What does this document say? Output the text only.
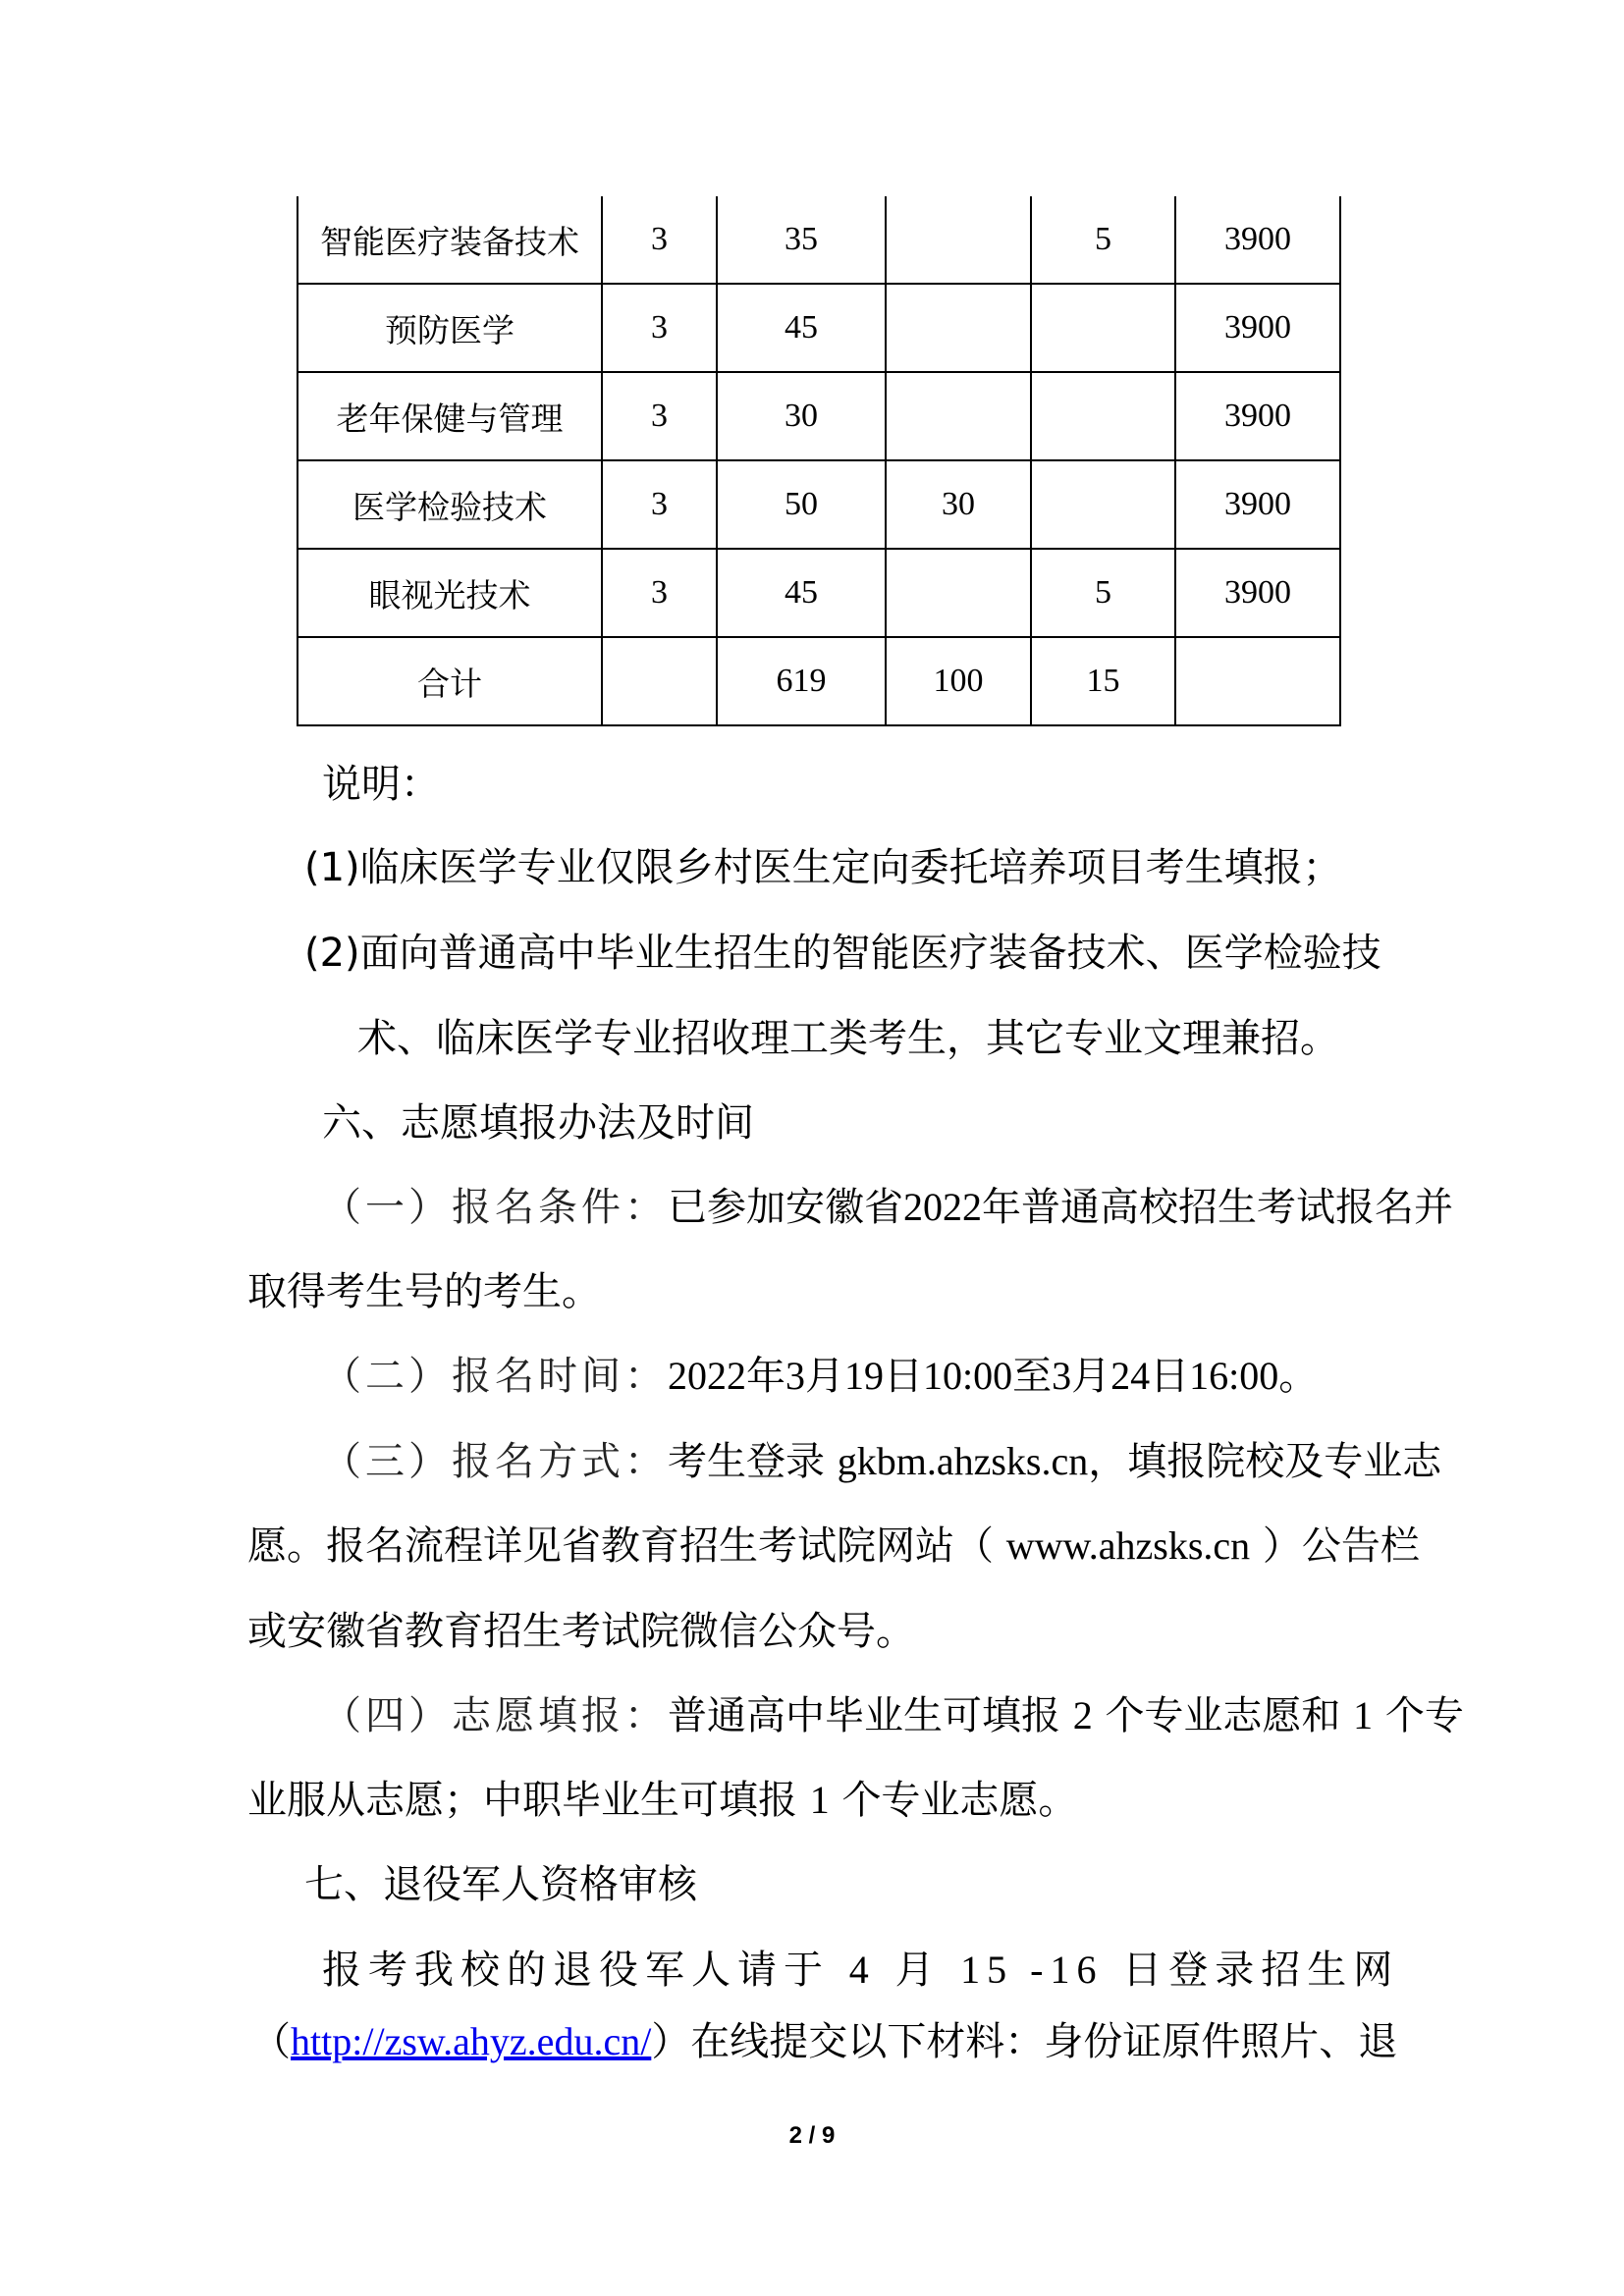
智能医疗装备技术	3	35		5	3900
预防医学	3	45			3900
老年保健与管理	3	30			3900
医学检验技术	3	50	30		3900
眼视光技术	3	45		5	3900
合计		619	100	15	
说明：
(1)临床医学专业仅限乡村医生定向委托培养项目考生填报；
(2)面向普通高中毕业生招生的智能医疗装备技术、医学检验技
术、临床医学专业招收理工类考生，其它专业文理兼招。
六、志愿填报办法及时间
（一）报名条件：已参加安徽省2022年普通高校招生考试报名并
取得考生号的考生。
（二）报名时间：2022年3月19日10:00至3月24日16:00。
（三）报名方式：考生登录 gkbm.ahzsks.cn，填报院校及专业志
愿。报名流程详见省教育招生考试院网站（ www.ahzsks.cn ）公告栏
或安徽省教育招生考试院微信公众号。
（四）志愿填报：普通高中毕业生可填报 2 个专业志愿和 1 个专
业服从志愿；中职毕业生可填报 1 个专业志愿。
七、退役军人资格审核
报考我校的退役军人请于 4 月 15 -16 日登录招生网
（http://zsw.ahyz.edu.cn/）在线提交以下材料：身份证原件照片、退
2 / 9
